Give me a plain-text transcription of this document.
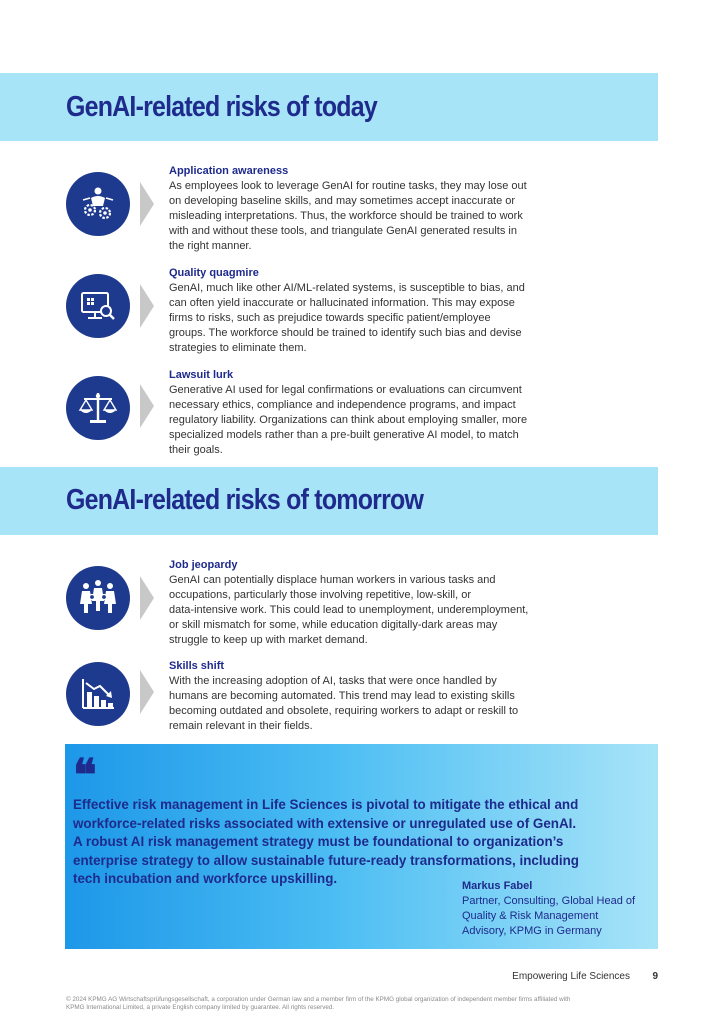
GenAI-related risks of today
Application awareness
As employees look to leverage GenAI for routine tasks, they may lose out
on developing baseline skills, and may sometimes accept inaccurate or
misleading interpretations. Thus, the workforce should be trained to work
with and without these tools, and triangulate GenAI generated results in
the right manner.
Quality quagmire
GenAI, much like other AI/ML-related systems, is susceptible to bias, and
can often yield inaccurate or hallucinated information. This may expose
firms to risks, such as prejudice towards specific patient/employee
groups. The workforce should be trained to identify such bias and devise
strategies to eliminate them.
Lawsuit lurk
Generative AI used for legal confirmations or evaluations can circumvent
necessary ethics, compliance and independence programs, and impact
regulatory liability. Organizations can think about employing smaller, more
specialized models rather than a pre-built generative AI model, to match
their goals.
GenAI-related risks of tomorrow
Job jeopardy
GenAI can potentially displace human workers in various tasks and
occupations, particularly those involving repetitive, low-skill, or
data-intensive work. This could lead to unemployment, underemployment,
or skill mismatch for some, while education digitally-dark areas may
struggle to keep up with market demand.
Skills shift
With the increasing adoption of AI, tasks that were once handled by
humans are becoming automated. This trend may lead to existing skills
becoming outdated and obsolete, requiring workers to adapt or reskill to
remain relevant in their fields.
❝
Effective risk management in Life Sciences is pivotal to mitigate the ethical and
workforce-related risks associated with extensive or unregulated use of GenAI.
A robust AI risk management strategy must be foundational to organization’s
enterprise strategy to allow sustainable future-ready transformations, including
tech incubation and workforce upskilling.	Markus Fabel
Partner, Consulting, Global Head of
Quality & Risk Management
Advisory, KPMG in Germany
Empowering Life Sciences 9
© 2024 KPMG AG Wirtschaftsprüfungsgesellschaft, a corporation under German law and a member firm of the KPMG global organization of independent member firms affiliated with
KPMG International Limited, a private English company limited by guarantee. All rights reserved.
